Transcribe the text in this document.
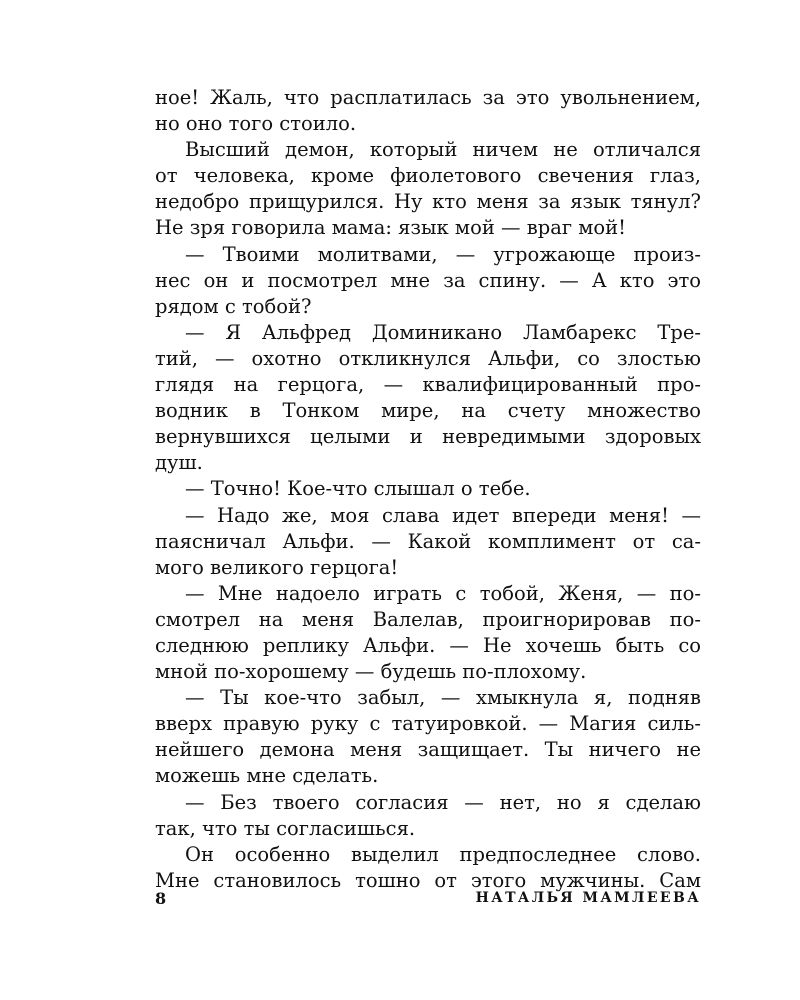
ное! Жаль, что расплатилась за это увольнением,
но оно того стоило.
Высший демон, который ничем не отличался
от человека, кроме фиолетового свечения глаз,
недобро прищурился. Ну кто меня за язык тянул?
Не зря говорила мама: язык мой — враг мой!
— Твоими молитвами, — угрожающе произ-
нес он и посмотрел мне за спину. — А кто это
рядом с тобой?
— Я Альфред Доминикано Ламбарекс Тре-
тий, — охотно откликнулся Альфи, со злостью
глядя на герцога, — квалифицированный про-
водник в Тонком мире, на счету множество
вернувшихся целыми и невредимыми здоровых
душ.
— Точно! Кое-что слышал о тебе.
— Надо же, моя слава идет впереди меня! —
паясничал Альфи. — Какой комплимент от са-
мого великого герцога!
— Мне надоело играть с тобой, Женя, — по-
смотрел на меня Валелав, проигнорировав по-
следнюю реплику Альфи. — Не хочешь быть со
мной по-хорошему — будешь по-плохому.
— Ты кое-что забыл, — хмыкнула я, подняв
вверх правую руку с татуировкой. — Магия силь-
нейшего демона меня защищает. Ты ничего не
можешь мне сделать.
— Без твоего согласия — нет, но я сделаю
так, что ты согласишься.
Он особенно выделил предпоследнее слово.
Мне становилось тошно от этого мужчины. Сам
8	НАТАЛЬЯ МАМЛЕЕВА
